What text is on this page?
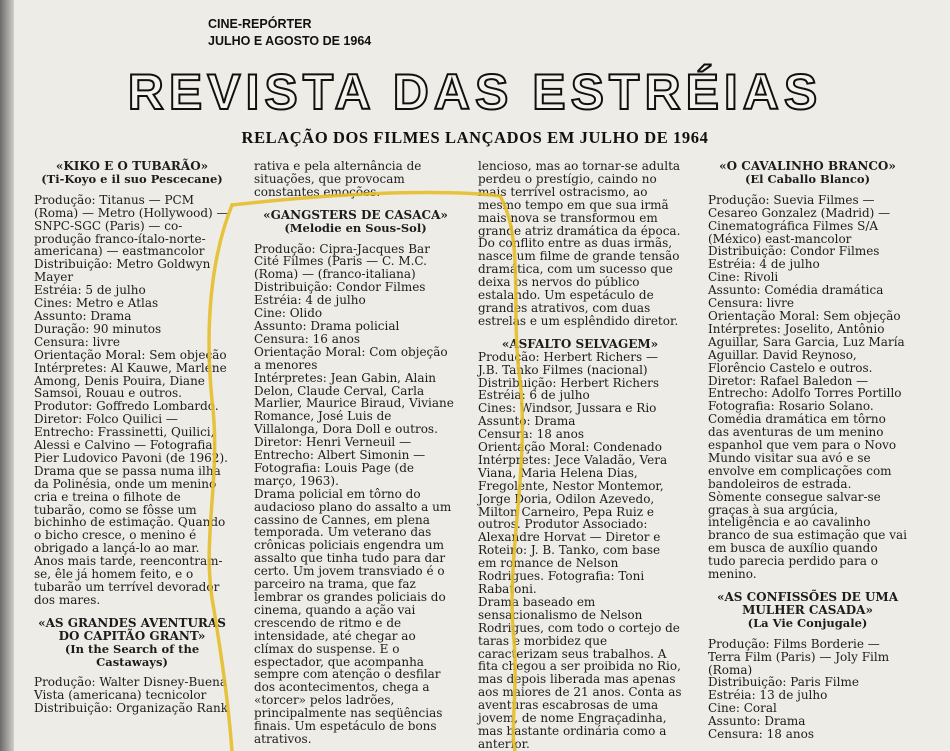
CINE-REPÓRTER
JULHO E AGOSTO DE 1964
REVISTA DAS ESTRÉIAS
RELAÇÃO DOS FILMES LANÇADOS EM JULHO DE 1964

«KIKO E O TUBARÃO»

(Ti-Koyo e il suo Pescecane)

Produção: Titanus — PCM (Roma) — Metro (Hollywood) — SNPC-SGC (Paris) — co-produção franco-ítalo-norte-americana) — eastmancolor

Distribuição: Metro Goldwyn Mayer

Estréia: 5 de julho

Cines: Metro e Atlas

Assunto: Drama

Duração: 90 minutos

Censura: livre

Orientação Moral: Sem objeção

Intérpretes: Al Kauwe, Marlene Among, Denis Pouira, Diane Samsoi, Rouau e outros. Produtor: Goffredo Lombardo. Diretor: Folco Quilici — Entrecho: Frassinetti, Quilici, Alessi e Calvino — Fotografia: Pier Ludovico Pavoni (de 1962).

Drama que se passa numa ilha da Polinésia, onde um menino cria e treina o filhote de tubarão, como se fôsse um bichinho de estimação. Quando o bicho cresce, o menino é obrigado a lançá-lo ao mar. Anos mais tarde, reencontram-se, êle já homem feito, e o tubarão um terrível devorador dos mares.

«AS GRANDES AVENTURAS DO CAPITÃO GRANT»

(In the Search of the Castaways)

Produção: Walter Disney-Buena Vista (americana) tecnicolor

Distribuição: Organização Rank

rativa e pela alternância de situações, que provocam constantes emoções.

«GANGSTERS DE CASACA»

(Melodie en Sous-Sol)

Produção: Cipra-Jacques Bar Cité Filmes (Paris — C. M.C. (Roma) — (franco-italiana)

Distribuição: Condor Filmes

Estréia: 4 de julho

Cine: Olido

Assunto: Drama policial

Censura: 16 anos

Orientação Moral: Com objeção a menores

Intérpretes: Jean Gabin, Alain Delon, Claude Cerval, Carla Marlier, Maurice Biraud, Viviane Romance, José Luis de Villalonga, Dora Doll e outros. Diretor: Henri Verneuil — Entrecho: Albert Simonin — Fotografia: Louis Page (de março, 1963).

Drama policial em tôrno do audacioso plano do assalto a um cassino de Cannes, em plena temporada. Um veterano das crônicas policiais engendra um assalto que tinha tudo para dar certo. Um jovem transviado é o parceiro na trama, que faz lembrar os grandes policiais do cinema, quando a ação vai crescendo de ritmo e de intensidade, até chegar ao clímax do suspense. E o espectador, que acompanha sempre com atenção o desfilar dos acontecimentos, chega a «torcer» pelos ladrões, principalmente nas seqüências finais. Um espetáculo de bons atrativos.

lencioso, mas ao tornar-se adulta perdeu o prestígio, caindo no mais terrível ostracismo, ao mesmo tempo em que sua irmã mais nova se transformou em grande atriz dramática da época. Do conflito entre as duas irmãs, nasce um filme de grande tensão dramática, com um sucesso que deixa os nervos do público estalando. Um espetáculo de grandes atrativos, com duas estrelas e um esplêndido diretor.

«ASFALTO SELVAGEM»

Produção: Herbert Richers — J.B. Tanko Filmes (nacional)

Distribuição: Herbert Richers

Estréia: 6 de julho

Cines: Windsor, Jussara e Rio

Assunto: Drama

Censura: 18 anos

Orientação Moral: Condenado

Intérpretes: Jece Valadão, Vera Viana, Maria Helena Dias, Fregolente, Nestor Montemor, Jorge Doria, Odilon Azevedo, Milton Carneiro, Pepa Ruiz e outros. Produtor Associado: Alexandre Horvat — Diretor e Roteiro: J. B. Tanko, com base em romance de Nelson Rodrigues. Fotografia: Toni Rabatoni.

Drama baseado em sensacionalismo de Nelson Rodrigues, com todo o cortejo de taras e morbidez que caracterizam seus trabalhos. A fita chegou a ser proibida no Rio, mas depois liberada mas apenas aos maiores de 21 anos. Conta as aventuras escabrosas de uma jovem, de nome Engraçadinha, mas bastante ordinária como a anterior.

«O CAVALINHO BRANCO»

(El Caballo Blanco)

Produção: Suevia Filmes — Cesareo Gonzalez (Madrid) — Cinematográfica Filmes S/A (México) east-mancolor

Distribuição: Condor Filmes

Estréia: 4 de julho

Cine: Rivoli

Assunto: Comédia dramática

Censura: livre

Orientação Moral: Sem objeção

Intérpretes: Joselito, Antônio Aguillar, Sara Garcia, Luz María Aguillar. David Reynoso, Florêncio Castelo e outros. Diretor: Rafael Baledon — Entrecho: Adolfo Torres Portillo Fotografia: Rosario Solano.

Comédia dramática em tôrno das aventuras de um menino espanhol que vem para o Novo Mundo visitar sua avó e se envolve em complicações com bandoleiros de estrada. Sòmente consegue salvar-se graças à sua argúcia, inteligência e ao cavalinho branco de sua estimação que vai em busca de auxílio quando tudo parecia perdido para o menino.

«AS CONFISSÕES DE UMA MULHER CASADA»

(La Vie Conjugale)

Produção: Films Borderie — Terra Film (Paris) — Joly Film (Roma)

Distribuição: Paris Filme

Estréia: 13 de julho

Cine: Coral

Assunto: Drama

Censura: 18 anos
